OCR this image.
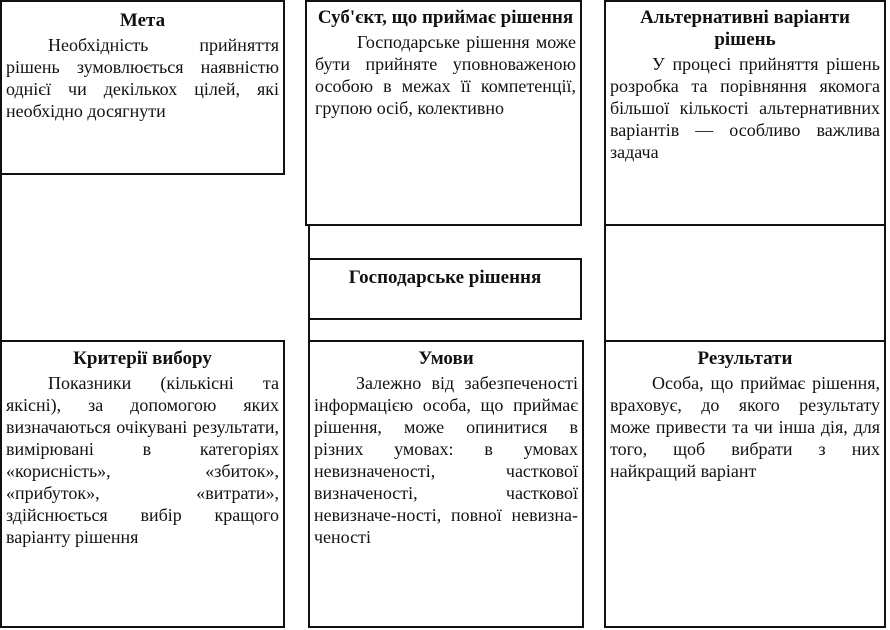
Мета

Необхідність прийняття рішень зумовлюється наявністю однієї чи декількох цілей, які необхідно досягнути

Суб'єкт, що приймає рішення

Господарське рішення може бути прийняте уповноваженою особою в межах її компетенції, групою осіб, колективно

Альтернативні варіанти рішень

У процесі прийняття рішень розробка та порівняння якомога більшої кількості альтернативних варіантів — особливо важлива задача

Господарське рішення

Критерії вибору

Показники (кількісні та якісні), за допомогою яких визначаються очікувані результати, вимірювані в категоріях «корисність», «збиток», «прибуток», «витрати», здійснюється вибір кращого варіанту рішення

Умови

Залежно від забезпеченості інформацією особа, що приймає рішення, може опинитися в різних умовах: в умовах невизначеності, часткової визначеності, часткової невизначе-ності, повної невизна-ченості

Результати

Особа, що приймає рішення, враховує, до якого результату може привести та чи інша дія, для того, щоб вибрати з них найкращий варіант
